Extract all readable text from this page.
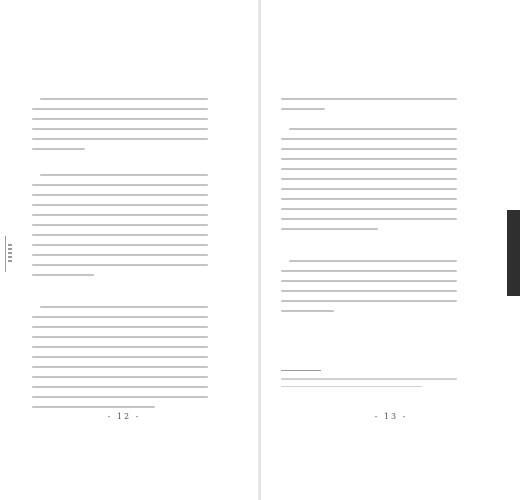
- 12 -	- 13 -
